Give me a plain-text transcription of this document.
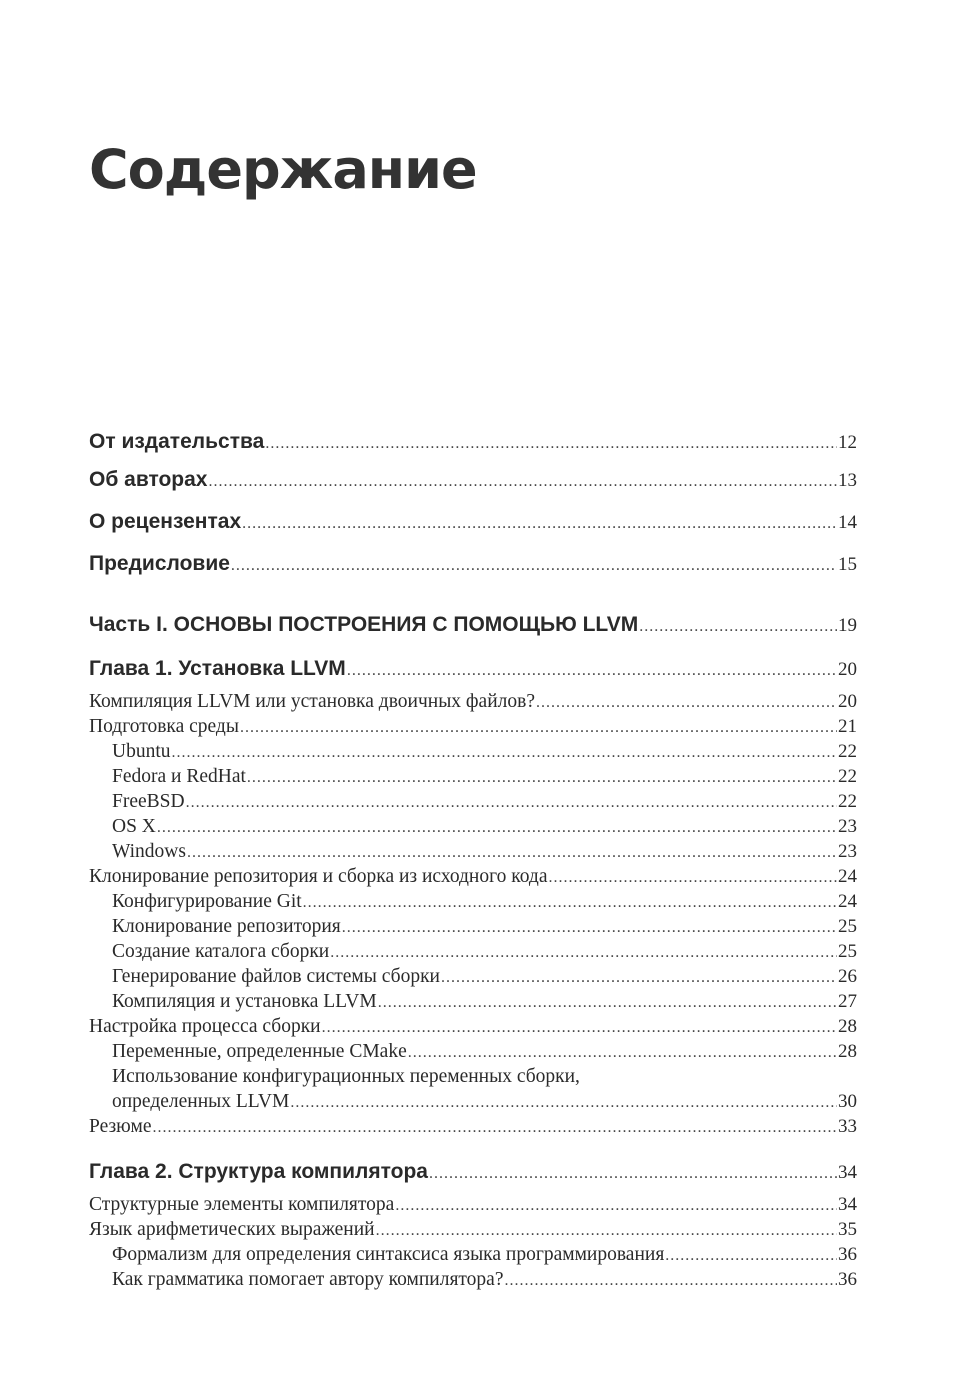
Содержание
От издательства .....	12
Об авторах .....	13
О рецензентах .....	14
Предисловие .....	15
Часть I. ОСНОВЫ ПОСТРОЕНИЯ С ПОМОЩЬЮ LLVM .....	19
Глава 1. Установка LLVM .....	20
Компиляция LLVM или установка двоичных файлов? .....	20
Подготовка среды .....	21
Ubuntu .....	22
Fedora и RedHat .....	22
FreeBSD .....	22
OS X .....	23
Windows .....	23
Клонирование репозитория и сборка из исходного кода .....	24
Конфигурирование Git .....	24
Клонирование репозитория .....	25
Создание каталога сборки .....	25
Генерирование файлов системы сборки .....	26
Компиляция и установка LLVM .....	27
Настройка процесса сборки .....	28
Переменные, определенные CMake .....	28
Использование конфигурационных переменных сборки,
определенных LLVM .....	30
Резюме .....	33
Глава 2. Структура компилятора .....	34
Структурные элементы компилятора .....	34
Язык арифметических выражений .....	35
Формализм для определения синтаксиса языка программирования .....	36
Как грамматика помогает автору компилятора? .....	36
